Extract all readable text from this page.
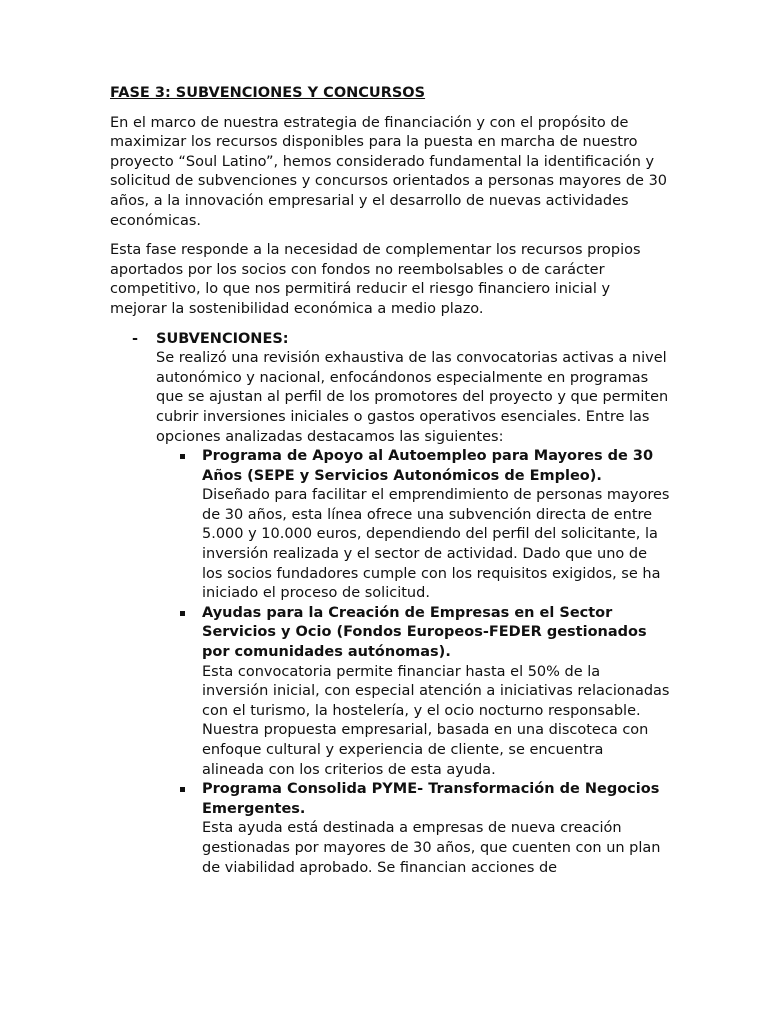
FASE 3: SUBVENCIONES Y CONCURSOS

En el marco de nuestra estrategia de financiación y con el propósito de maximizar los recursos disponibles para la puesta en marcha de nuestro proyecto “Soul Latino”, hemos considerado fundamental la identificación y solicitud de subvenciones y concursos orientados a personas mayores de 30 años, a la innovación empresarial y el desarrollo de nuevas actividades económicas.

Esta fase responde a la necesidad de complementar los recursos propios aportados por los socios con fondos no reembolsables o de carácter competitivo, lo que nos permitirá reducir el riesgo financiero inicial y mejorar la sostenibilidad económica a medio plazo.

- SUBVENCIONES:
Se realizó una revisión exhaustiva de las convocatorias activas a nivel autonómico y nacional, enfocándonos especialmente en programas que se ajustan al perfil de los promotores del proyecto y que permiten cubrir inversiones iniciales o gastos operativos esenciales. Entre las opciones analizadas destacamos las siguientes:
Programa de Apoyo al Autoempleo para Mayores de 30 Años (SEPE y Servicios Autonómicos de Empleo).
Diseñado para facilitar el emprendimiento de personas mayores de 30 años, esta línea ofrece una subvención directa de entre 5.000 y 10.000 euros, dependiendo del perfil del solicitante, la inversión realizada y el sector de actividad. Dado que uno de los socios fundadores cumple con los requisitos exigidos, se ha iniciado el proceso de solicitud.
Ayudas para la Creación de Empresas en el Sector Servicios y Ocio (Fondos Europeos-FEDER gestionados por comunidades autónomas).
Esta convocatoria permite financiar hasta el 50% de la inversión inicial, con especial atención a iniciativas relacionadas con el turismo, la hostelería, y el ocio nocturno responsable. Nuestra propuesta empresarial, basada en una discoteca con enfoque cultural y experiencia de cliente, se encuentra alineada con los criterios de esta ayuda.
Programa Consolida PYME- Transformación de Negocios Emergentes.
Esta ayuda está destinada a empresas de nueva creación gestionadas por mayores de 30 años, que cuenten con un plan de viabilidad aprobado. Se financian acciones de
